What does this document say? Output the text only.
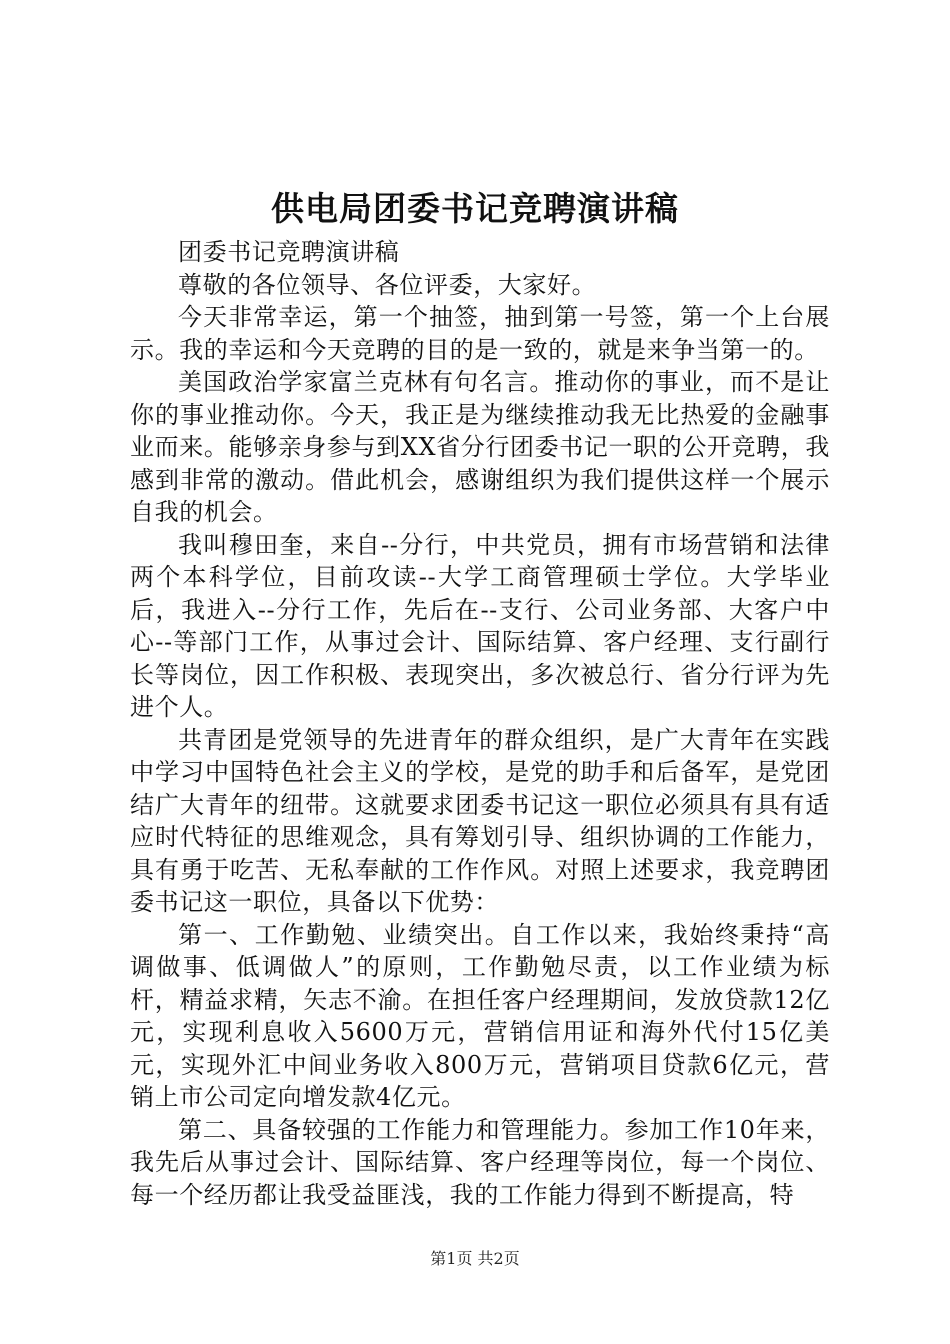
供电局团委书记竞聘演讲稿

团委书记竞聘演讲稿

尊敬的各位领导、各位评委，大家好。

今天非常幸运，第一个抽签，抽到第一号签，第一个上台展示。我的幸运和今天竞聘的目的是一致的，就是来争当第一的。

美国政治学家富兰克林有句名言。推动你的事业，而不是让你的事业推动你。今天，我正是为继续推动我无比热爱的金融事业而来。能够亲身参与到XX省分行团委书记一职的公开竞聘，我感到非常的激动。借此机会，感谢组织为我们提供这样一个展示自我的机会。

我叫穆田奎，来自--分行，中共党员，拥有市场营销和法律两个本科学位，目前攻读--大学工商管理硕士学位。大学毕业后，我进入--分行工作，先后在--支行、公司业务部、大客户中心--等部门工作，从事过会计、国际结算、客户经理、支行副行长等岗位，因工作积极、表现突出，多次被总行、省分行评为先进个人。

共青团是党领导的先进青年的群众组织，是广大青年在实践中学习中国特色社会主义的学校，是党的助手和后备军，是党团结广大青年的纽带。这就要求团委书记这一职位必须具有具有适应时代特征的思维观念，具有筹划引导、组织协调的工作能力，具有勇于吃苦、无私奉献的工作作风。对照上述要求，我竞聘团委书记这一职位，具备以下优势：

第一、工作勤勉、业绩突出。自工作以来，我始终秉持“高调做事、低调做人”的原则，工作勤勉尽责，以工作业绩为标杆，精益求精，矢志不渝。在担任客户经理期间，发放贷款12亿元，实现利息收入5600万元，营销信用证和海外代付15亿美元，实现外汇中间业务收入800万元，营销项目贷款6亿元，营销上市公司定向增发款4亿元。

第二、具备较强的工作能力和管理能力。参加工作10年来，我先后从事过会计、国际结算、客户经理等岗位，每一个岗位、每一个经历都让我受益匪浅，我的工作能力得到不断提高，特

第1页 共2页
